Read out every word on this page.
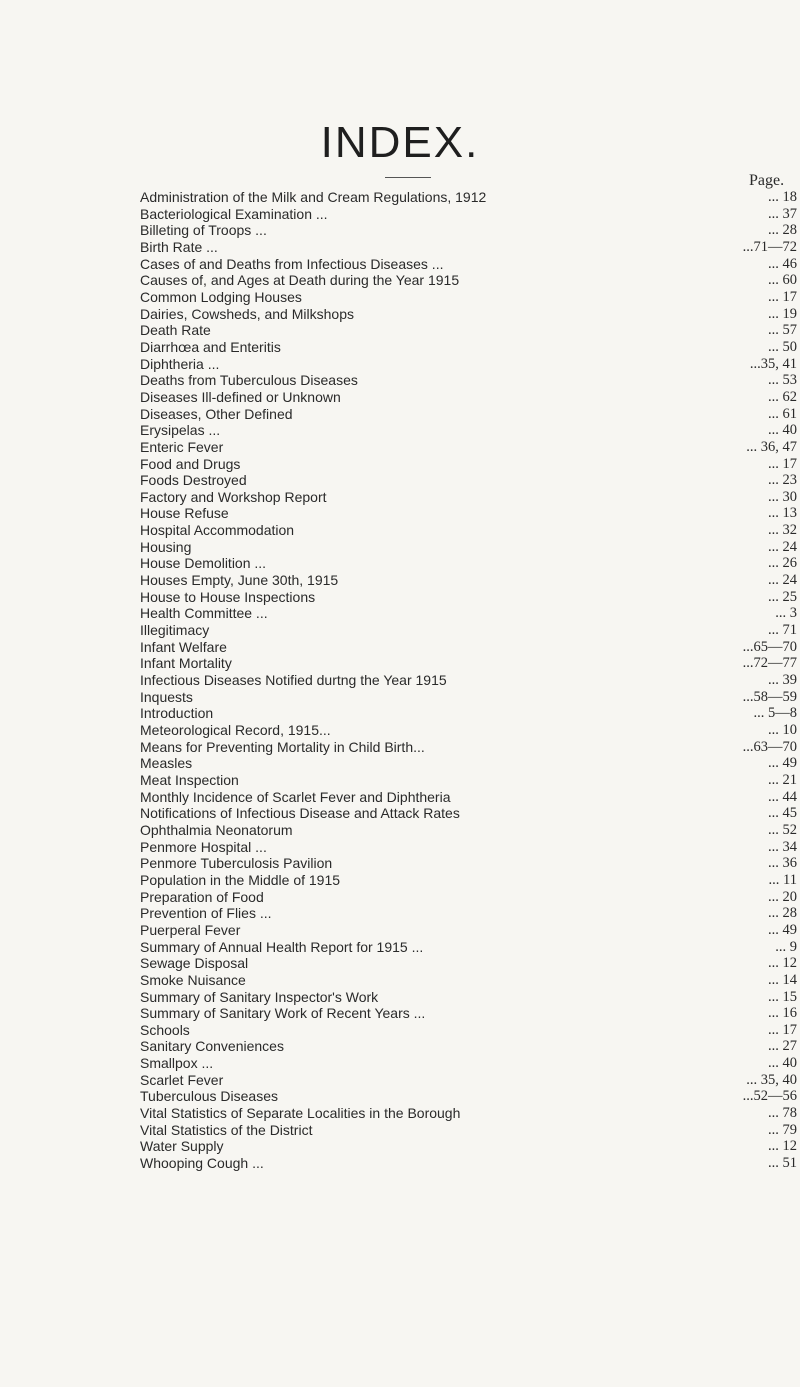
INDEX.
Page.
Administration of the Milk and Cream Regulations, 1912	... 18
Bacteriological Examination ...	... 37
Billeting of Troops ...	... 28
Birth Rate ...	...71—72
Cases of and Deaths from Infectious Diseases ...	... 46
Causes of, and Ages at Death during the Year 1915	... 60
Common Lodging Houses	... 17
Dairies, Cowsheds, and Milkshops	... 19
Death Rate	... 57
Diarrhœa and Enteritis	... 50
Diphtheria ...	...35, 41
Deaths from Tuberculous Diseases	... 53
Diseases Ill-defined or Unknown	... 62
Diseases, Other Defined	... 61
Erysipelas ...	... 40
Enteric Fever	... 36, 47
Food and Drugs	... 17
Foods Destroyed	... 23
Factory and Workshop Report	... 30
House Refuse	... 13
Hospital Accommodation	... 32
Housing	... 24
House Demolition ...	... 26
Houses Empty, June 30th, 1915	... 24
House to House Inspections	... 25
Health Committee ...	... 3
Illegitimacy	... 71
Infant Welfare	...65—70
Infant Mortality	...72—77
Infectious Diseases Notified durtng the Year 1915	... 39
Inquests	...58—59
Introduction	... 5—8
Meteorological Record, 1915...	... 10
Means for Preventing Mortality in Child Birth...	...63—70
Measles	... 49
Meat Inspection	... 21
Monthly Incidence of Scarlet Fever and Diphtheria	... 44
Notifications of Infectious Disease and Attack Rates	... 45
Ophthalmia Neonatorum	... 52
Penmore Hospital ...	... 34
Penmore Tuberculosis Pavilion	... 36
Population in the Middle of 1915	... 11
Preparation of Food	... 20
Prevention of Flies ...	... 28
Puerperal Fever	... 49
Summary of Annual Health Report for 1915 ...	... 9
Sewage Disposal	... 12
Smoke Nuisance	... 14
Summary of Sanitary Inspector's Work	... 15
Summary of Sanitary Work of Recent Years ...	... 16
Schools	... 17
Sanitary Conveniences	... 27
Smallpox ...	... 40
Scarlet Fever	... 35, 40
Tuberculous Diseases	...52—56
Vital Statistics of Separate Localities in the Borough	... 78
Vital Statistics of the District	... 79
Water Supply	... 12
Whooping Cough ...	... 51
